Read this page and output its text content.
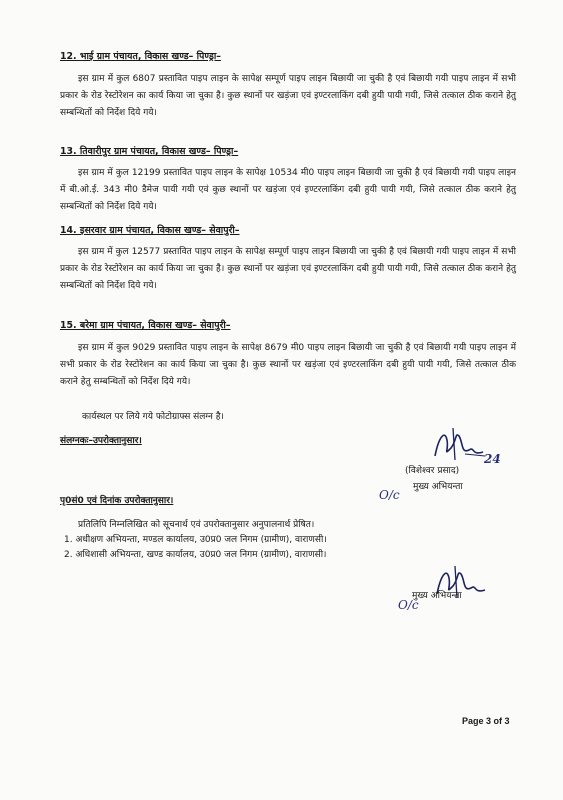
12. भाई ग्राम पंचायत, विकास खण्ड– पिण्ड्रा–
इस ग्राम में कुल 6807 प्रस्तावित पाइप लाइन के सापेक्ष सम्पूर्ण पाइप लाइन बिछायी जा चुकी है एवं बिछायी गयी पाइप लाइन में सभी प्रकार के रोड रेस्टोरेशन का कार्य किया जा चुका है। कुछ स्थानों पर खड़ंजा एवं इण्टरलाकिंग दबी हुयी पायी गयी, जिसे तत्काल ठीक कराने हेतु सम्बन्धितों को निर्देश दिये गये।
13. तिवारीपुर ग्राम पंचायत, विकास खण्ड– पिण्ड्रा–
इस ग्राम में कुल 12199 प्रस्तावित पाइप लाइन के सापेक्ष 10534 मी0 पाइप लाइन बिछायी जा चुकी है एवं बिछायी गयी पाइप लाइन में बी.ओ.ई. 343 मी0 डैमेज पायी गयी एवं कुछ स्थानों पर खड़ंजा एवं इण्टरलाकिंग दबी हुयी पायी गयी, जिसे तत्काल ठीक कराने हेतु सम्बन्धितों को निर्देश दिये गये।
14. इसरवार ग्राम पंचायत, विकास खण्ड– सेवापुरी–
इस ग्राम में कुल 12577 प्रस्तावित पाइप लाइन के सापेक्ष सम्पूर्ण पाइप लाइन बिछायी जा चुकी है एवं बिछायी गयी पाइप लाइन में सभी प्रकार के रोड रेस्टोरेशन का कार्य किया जा चुका है। कुछ स्थानों पर खड़ंजा एवं इण्टरलाकिंग दबी हुयी पायी गयी, जिसे तत्काल ठीक कराने हेतु सम्बन्धितों को निर्देश दिये गये।
15. बरेमा ग्राम पंचायत, विकास खण्ड– सेवापुरी–
इस ग्राम में कुल 9029 प्रस्तावित पाइप लाइन के सापेक्ष 8679 मी0 पाइप लाइन बिछायी जा चुकी है एवं बिछायी गयी पाइप लाइन में सभी प्रकार के रोड रेस्टोरेशन का कार्य किया जा चुका है। कुछ स्थानों पर खड़ंजा एवं इण्टरलाकिंग दबी हुयी पायी गयी, जिसे तत्काल ठीक कराने हेतु सम्बन्धितों को निर्देश दिये गये।
कार्यस्थल पर लिये गये फोटोग्राफ्स संलग्न है।
संलग्नकः–उपरोक्तानुसार।
24
(विशेश्वर प्रसाद)
मुख्य अभियन्ता
O/c
पृ0सं0 एवं दिनांक उपरोक्तानुसार।
प्रतिलिपि निम्नलिखित को सूचनार्थ एवं उपरोक्तानुसार अनुपालनार्थ प्रेषित।
1. अधीक्षण अभियन्ता, मण्डल कार्यालय, उ0प्र0 जल निगम (ग्रामीण), वाराणसी।
2. अधिशासी अभियन्ता, खण्ड कार्यालय, उ0प्र0 जल निगम (ग्रामीण), वाराणसी।
मुख्य अभियन्ता
O/c
Page 3 of 3
